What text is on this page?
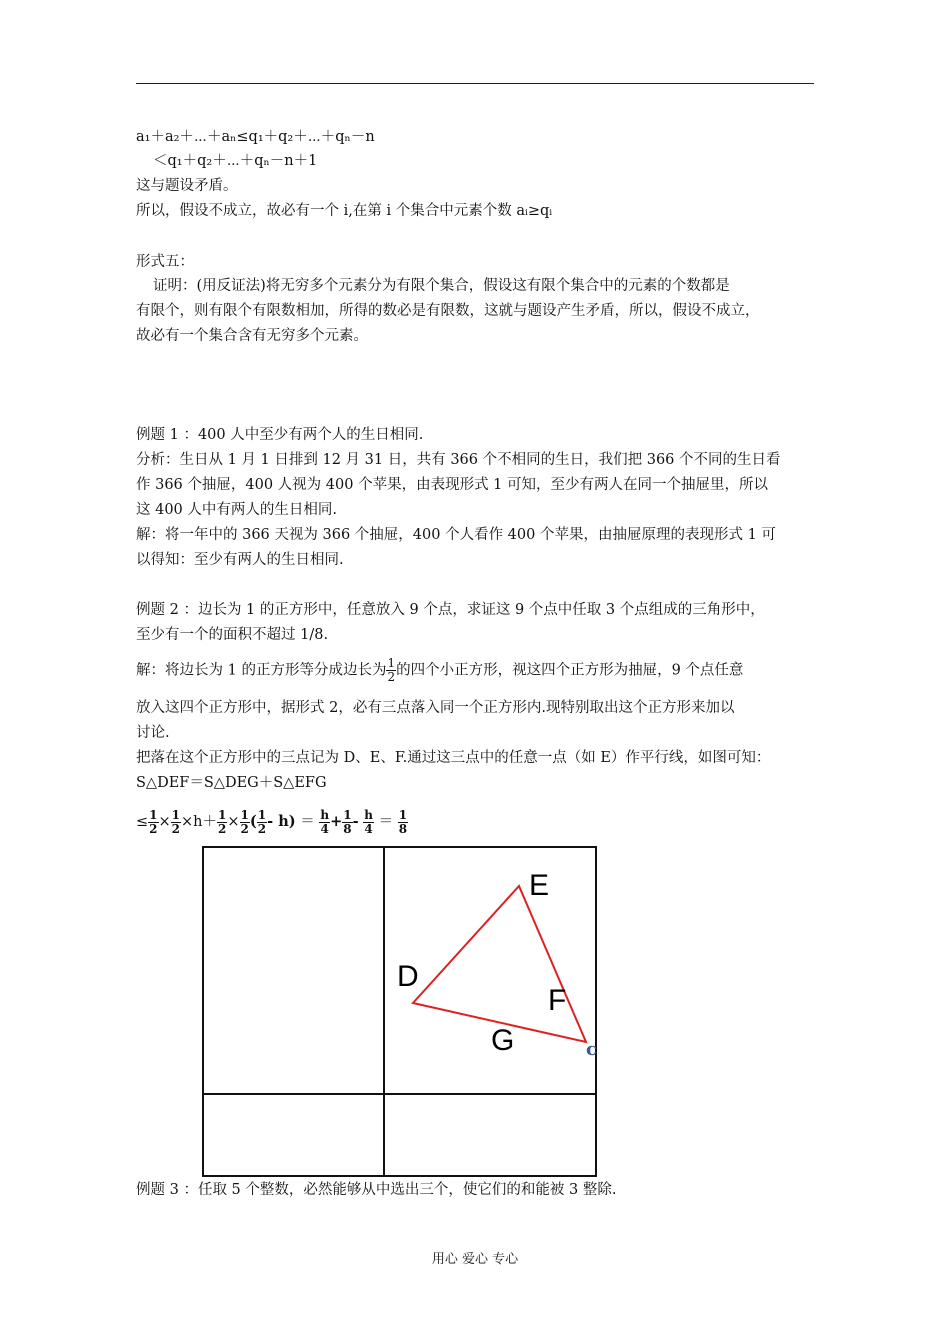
a₁＋a₂＋⋯＋aₙ≤q₁＋q₂＋⋯＋qₙ－n
＜q₁＋q₂＋⋯＋qₙ－n＋1
这与题设矛盾。
所以，假设不成立，故必有一个 i,在第 i 个集合中元素个数 aᵢ≥qᵢ
形式五：
证明：(用反证法)将无穷多个元素分为有限个集合，假设这有限个集合中的元素的个数都是
有限个，则有限个有限数相加，所得的数必是有限数，这就与题设产生矛盾，所以，假设不成立，
故必有一个集合含有无穷多个元素。
例题 1 ：400 人中至少有两个人的生日相同.
分析：生日从 1 月 1 日排到 12 月 31 日，共有 366 个不相同的生日，我们把 366 个不同的生日看
作 366 个抽屉，400 人视为 400 个苹果，由表现形式 1 可知，至少有两人在同一个抽屉里，所以
这 400 人中有两人的生日相同.
解：将一年中的 366 天视为 366 个抽屉，400 个人看作 400 个苹果，由抽屉原理的表现形式 1 可
以得知：至少有两人的生日相同.
例题 2 ：边长为 1 的正方形中，任意放入 9 个点，求证这 9 个点中任取 3 个点组成的三角形中，
至少有一个的面积不超过 1/8.
解：将边长为 1 的正方形等分成边长为 $\frac{1}{2}$ 的四个小正方形，视这四个正方形为抽屉，9 个点任意
放入这四个正方形中，据形式 2，必有三点落入同一个正方形内.现特别取出这个正方形来加以
讨论.
把落在这个正方形中的三点记为 D、E、F.通过这三点中的任意一点（如 E）作平行线，如图可知：
S△DEF＝S△DEG＋S△EFG
≤ $\frac{1}{2} \times \frac{1}{2} \times h+ \frac{1}{2} \times \frac{1}{2}$ ( $\frac{1}{2}$ ‐ $h) = \frac{h}{4} + \frac{1}{8} - \frac{h}{4} = \frac{1}{8}$
E
D
F
G	c
例题 3 ：任取 5 个整数，必然能够从中选出三个，使它们的和能被 3 整除.
用心 爱心 专心
